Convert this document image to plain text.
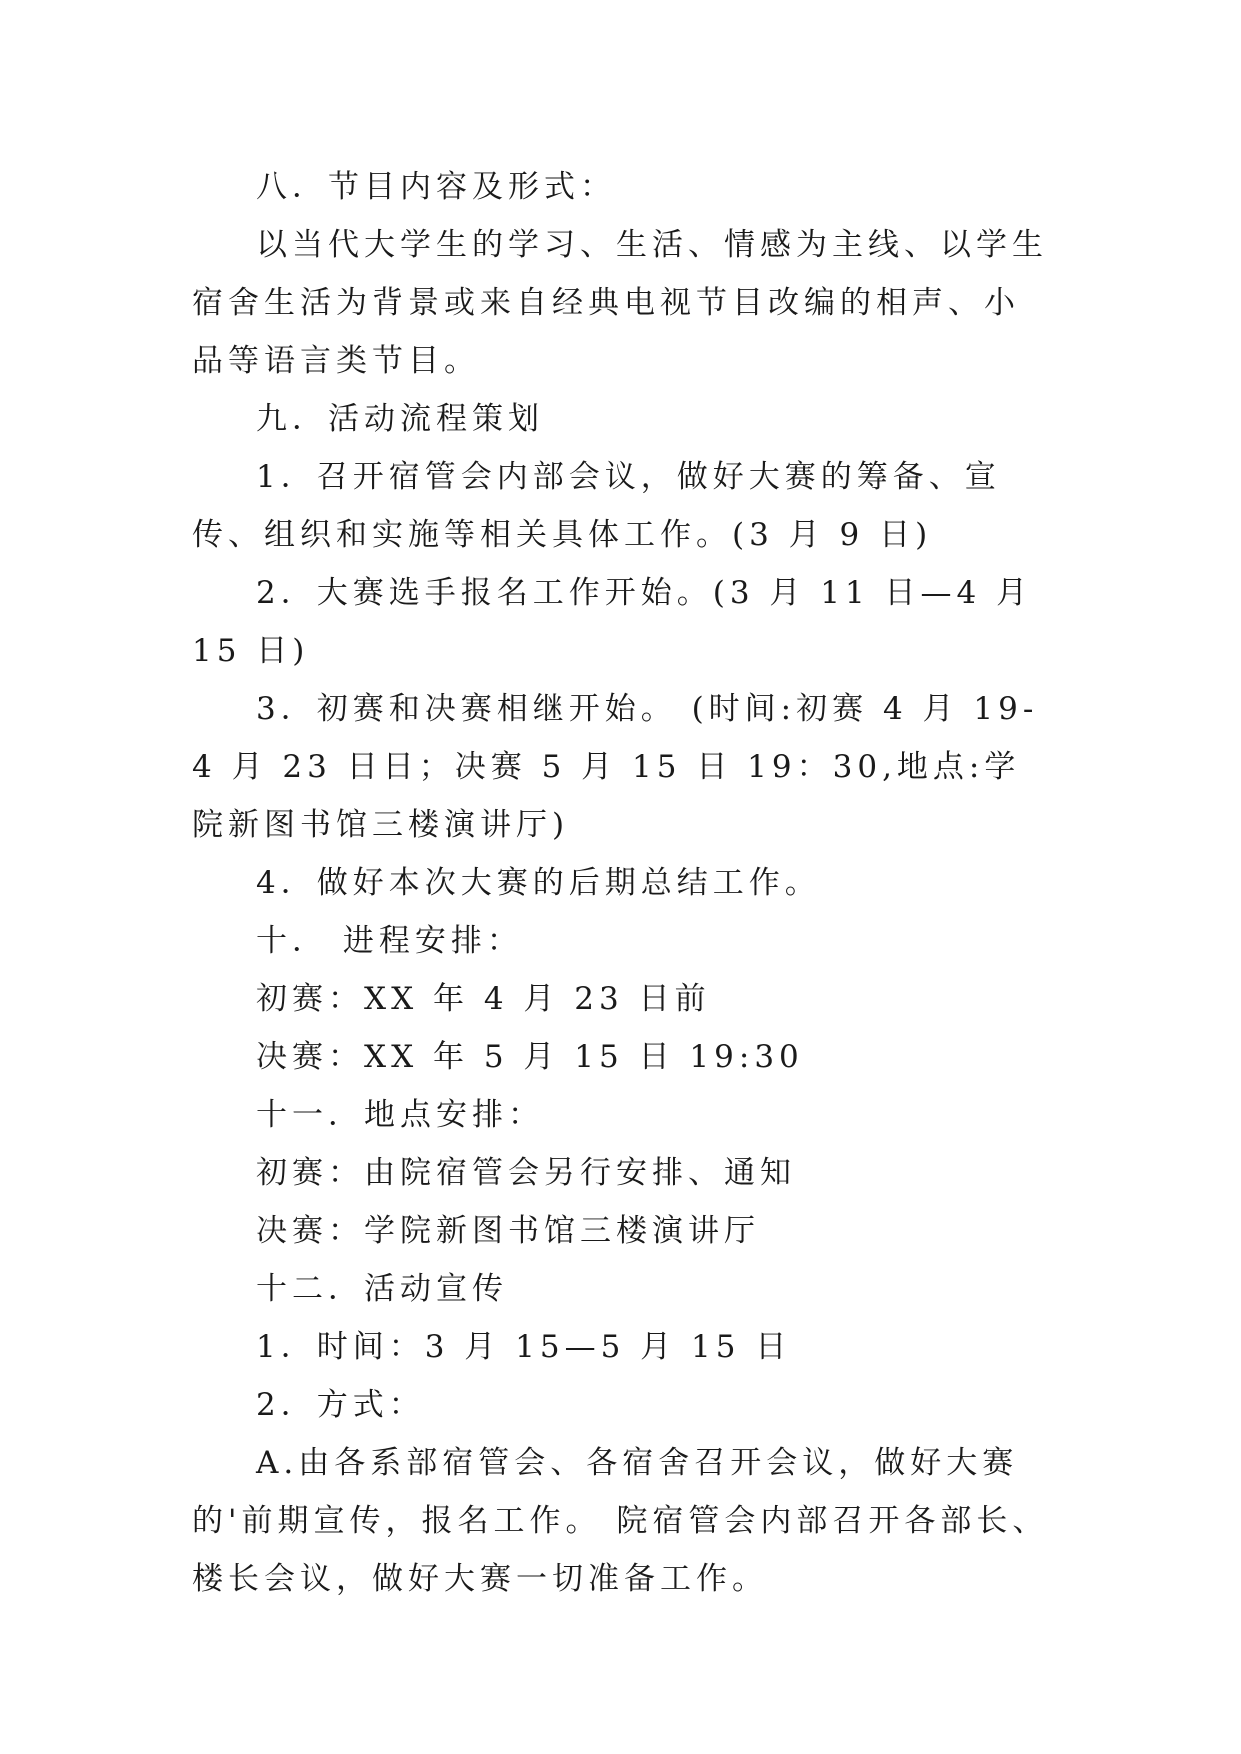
八．节目内容及形式：

以当代大学生的学习、生活、情感为主线、以学生宿舍生活为背景或来自经典电视节目改编的相声、小品等语言类节目。

九．活动流程策划

1．召开宿管会内部会议，做好大赛的筹备、宣传、组织和实施等相关具体工作。(3 月 9 日)

2．大赛选手报名工作开始。(3 月 11 日—4 月 15 日)

3．初赛和决赛相继开始。 (时间:初赛 4 月 19-4 月 23 日日；决赛 5 月 15 日 19：30,地点:学院新图书馆三楼演讲厅)

4．做好本次大赛的后期总结工作。

十． 进程安排：

初赛：XX 年 4 月 23 日前

决赛：XX 年 5 月 15 日 19:30

十一．地点安排：

初赛：由院宿管会另行安排、通知

决赛：学院新图书馆三楼演讲厅

十二．活动宣传

1．时间：3 月 15—5 月 15 日

2．方式：

A.由各系部宿管会、各宿舍召开会议，做好大赛的'前期宣传，报名工作。 院宿管会内部召开各部长、楼长会议，做好大赛一切准备工作。
